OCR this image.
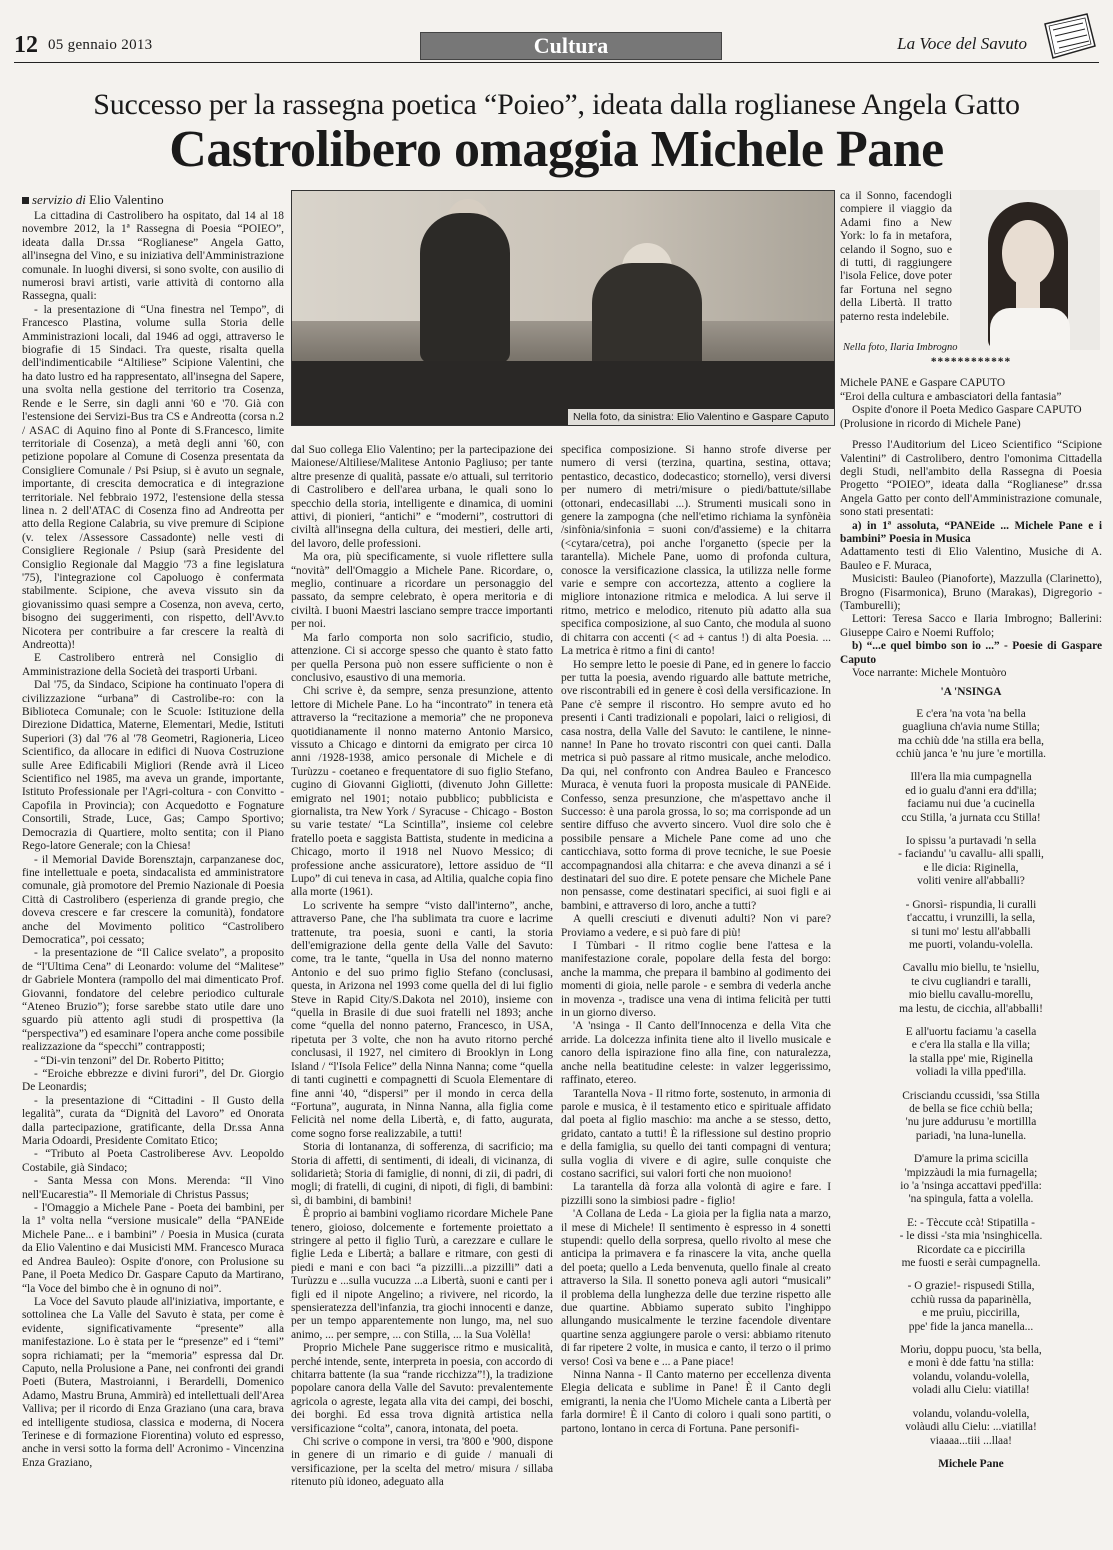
12 05 gennaio 2013	Cultura	La Voce del Savuto
Successo per la rassegna poetica “Poieo”, ideata dalla roglianese Angela Gatto
Castrolibero omaggia Michele Pane
servizio di Elio Valentino
Nella foto, da sinistra: Elio Valentino e Gaspare Caputo
Nella foto, Ilaria Imbrogno

La cittadina di Castrolibero ha ospitato, dal 14 al 18 novembre 2012, la 1ª Rassegna di Poesia “POIEO”, ideata dalla Dr.ssa “Roglianese” Angela Gatto, all'insegna del Vino, e su iniziativa dell'Amministrazione comunale. In luoghi diversi, si sono svolte, con ausilio di numerosi bravi artisti, varie attività di contorno alla Rassegna, quali:

- la presentazione di “Una finestra nel Tempo”, di Francesco Plastina, volume sulla Storia delle Amministrazioni locali, dal 1946 ad oggi, attraverso le biografie di 15 Sindaci. Tra queste, risalta quella dell'indimenticabile “Altiliese” Scipione Valentini, che ha dato lustro ed ha rappresentato, all'insegna del Sapere, una svolta nella gestione del territorio tra Cosenza, Rende e le Serre, sin dagli anni '60 e '70. Già con l'estensione dei Servizi-Bus tra CS e Andreotta (corsa n.2 / ASAC di Aquino fino al Ponte di S.Francesco, limite territoriale di Cosenza), a metà degli anni '60, con petizione popolare al Comune di Cosenza presentata da Consigliere Comunale / Psi Psiup, si è avuto un segnale, importante, di crescita democratica e di integrazione territoriale. Nel febbraio 1972, l'estensione della stessa linea n. 2 dell'ATAC di Cosenza fino ad Andreotta per atto della Regione Calabria, su vive premure di Scipione (v. telex /Assessore Cassadonte) nelle vesti di Consigliere Regionale / Psiup (sarà Presidente del Consiglio Regionale dal Maggio '73 a fine legislatura '75), l'integrazione col Capoluogo è confermata stabilmente. Scipione, che aveva vissuto sin da giovanissimo quasi sempre a Cosenza, non aveva, certo, bisogno dei suggerimenti, con rispetto, dell'Avv.to Nicotera per contribuire a far crescere la realtà di Andreotta)!

E Castrolibero entrerà nel Consiglio di Amministrazione della Società dei trasporti Urbani.

Dal '75, da Sindaco, Scipione ha continuato l'opera di civilizzazione “urbana” di Castrolibe-ro: con la Biblioteca Comunale; con le Scuole: Istituzione della Direzione Didattica, Materne, Elementari, Medie, Istituti Superiori (3) dal '76 al '78 Geometri, Ragioneria, Liceo Scientifico, da allocare in edifici di Nuova Costruzione sulle Aree Edificabili Migliori (Rende avrà il Liceo Scientifico nel 1985, ma aveva un grande, importante, Istituto Professionale per l'Agri-coltura - con Convitto - Capofila in Provincia); con Acquedotto e Fognature Consortili, Strade, Luce, Gas; Campo Sportivo; Democrazia di Quartiere, molto sentita; con il Piano Rego-latore Generale; con la Chiesa!

- il Memorial Davide Borensztajn, carpanzanese doc, fine intellettuale e poeta, sindacalista ed amministratore comunale, già promotore del Premio Nazionale di Poesia Città di Castrolibero (esperienza di grande pregio, che doveva crescere e far crescere la comunità), fondatore anche del Movimento politico “Castrolibero Democratica”, poi cessato;

- la presentazione de “Il Calice svelato”, a proposito de “l'Ultima Cena” di Leonardo: volume del “Malitese” dr Gabriele Montera (rampollo del mai dimenticato Prof. Giovanni, fondatore del celebre periodico culturale “Ateneo Bruzio”); forse sarebbe stato utile dare uno sguardo più attento agli studi di prospettiva (la “perspectiva”) ed esaminare l'opera anche come possibile realizzazione da “specchi” contrapposti;

- “Di-vin tenzoni” del Dr. Roberto Pititto;

- “Eroiche ebbrezze e divini furori”, del Dr. Giorgio De Leonardis;

- la presentazione di “Cittadini - Il Gusto della legalità”, curata da “Dignità del Lavoro” ed Onorata dalla partecipazione, gratificante, della Dr.ssa Anna Maria Odoardi, Presidente Comitato Etico;

- “Tributo al Poeta Castroliberese Avv. Leopoldo Costabile, già Sindaco;

- Santa Messa con Mons. Merenda: “Il Vino nell'Eucarestia”- Il Memoriale di Christus Passus;

- l'Omaggio a Michele Pane - Poeta dei bambini, per la 1ª volta nella “versione musicale” della “PANEide Michele Pane... e i bambini” / Poesia in Musica (curata da Elio Valentino e dai Musicisti MM. Francesco Muraca ed Andrea Bauleo): Ospite d'onore, con Prolusione su Pane, il Poeta Medico Dr. Gaspare Caputo da Martirano, “la Voce del bimbo che è in ognuno di noi”.

La Voce del Savuto plaude all'iniziativa, importante, e sottolinea che La Valle del Savuto è stata, per come è evidente, significativamente “presente” alla manifestazione. Lo è stata per le “presenze” ed i “temi” sopra richiamati; per la “memoria” espressa dal Dr. Caputo, nella Prolusione a Pane, nei confronti dei grandi Poeti (Butera, Mastroianni, i Berardelli, Domenico Adamo, Mastru Bruna, Ammirà) ed intellettuali dell'Area Valliva; per il ricordo di Enza Graziano (una cara, brava ed intelligente studiosa, classica e moderna, di Nocera Terinese e di formazione Fiorentina) voluto ed espresso, anche in versi sotto la forma dell' Acronimo - Vincenzina Enza Graziano,

dal Suo collega Elio Valentino; per la partecipazione dei Maionese/Altiliese/Malitese Antonio Pagliuso; per tante altre presenze di qualità, passate e/o attuali, sul territorio di Castrolibero e dell'area urbana, le quali sono lo specchio della storia, intelligente e dinamica, di uomini attivi, di pionieri, “antichi” e “moderni”, costruttori di civiltà all'insegna della cultura, dei mestieri, delle arti, del lavoro, delle professioni.

Ma ora, più specificamente, si vuole riflettere sulla “novità” dell'Omaggio a Michele Pane. Ricordare, o, meglio, continuare a ricordare un personaggio del passato, da sempre celebrato, è opera meritoria e di civiltà. I buoni Maestri lasciano sempre tracce importanti per noi.

Ma farlo comporta non solo sacrificio, studio, attenzione. Ci si accorge spesso che quanto è stato fatto per quella Persona può non essere sufficiente o non è conclusivo, esaustivo di una memoria.

Chi scrive è, da sempre, senza presunzione, attento lettore di Michele Pane. Lo ha “incontrato” in tenera età attraverso la “recitazione a memoria” che ne proponeva quotidianamente il nonno materno Antonio Marsico, vissuto a Chicago e dintorni da emigrato per circa 10 anni /1928-1938, amico personale di Michele e di Turùzzu - coetaneo e frequentatore di suo figlio Stefano, cugino di Giovanni Gigliotti, (divenuto John Gillette: emigrato nel 1901; notaio pubblico; pubblicista e giornalista, tra New York / Syracuse - Chicago - Boston su varie testate/ “La Scintilla”, insieme col celebre fratello poeta e saggista Battista, studente in medicina a Chicago, morto il 1918 nel Nuovo Messico; di professione anche assicuratore), lettore assiduo de “Il Lupo” di cui teneva in casa, ad Altilia, qualche copia fino alla morte (1961).

Lo scrivente ha sempre “visto dall'interno”, anche, attraverso Pane, che l'ha sublimata tra cuore e lacrime trattenute, tra poesia, suoni e canti, la storia dell'emigrazione della gente della Valle del Savuto: come, tra le tante, “quella in Usa del nonno materno Antonio e del suo primo figlio Stefano (conclusasi, questa, in Arizona nel 1993 come quella del di lui figlio Steve in Rapid City/S.Dakota nel 2010), insieme con “quella in Brasile di due suoi fratelli nel 1893; anche come “quella del nonno paterno, Francesco, in USA, ripetuta per 3 volte, che non ha avuto ritorno perché conclusasi, il 1927, nel cimitero di Brooklyn in Long Island / “l'Isola Felice” della Ninna Nanna; come “quella di tanti cuginetti e compagnetti di Scuola Elementare di fine anni '40, “dispersi” per il mondo in cerca della “Fortuna”, augurata, in Ninna Nanna, alla figlia come Felicità nel nome della Libertà, e, di fatto, augurata, come sogno forse realizzabile, a tutti!

Storia di lontananza, di sofferenza, di sacrificio; ma Storia di affetti, di sentimenti, di ideali, di vicinanza, di solidarietà; Storia di famiglie, di nonni, di zii, di padri, di mogli; di fratelli, di cugini, di nipoti, di figli, di bambini: sì, di bambini, di bambini!

È proprio ai bambini vogliamo ricordare Michele Pane tenero, gioioso, dolcemente e fortemente proiettato a stringere al petto il figlio Turù, a carezzare e cullare le figlie Leda e Libertà; a ballare e ritmare, con gesti di piedi e mani e con baci “a pizzilli...a pizzilli” dati a Turùzzu e ...sulla vucuzza ...a Libertà, suoni e canti per i figli ed il nipote Angelino; a rivivere, nel ricordo, la spensieratezza dell'infanzia, tra giochi innocenti e danze, per un tempo apparentemente non lungo, ma, nel suo animo, ... per sempre, ... con Stilla, ... la Sua Volèlla!

Proprio Michele Pane suggerisce ritmo e musicalità, perché intende, sente, interpreta in poesia, con accordo di chitarra battente (la sua “rande ricchizza”!), la tradizione popolare canora della Valle del Savuto: prevalentemente agricola o agreste, legata alla vita dei campi, dei boschi, dei borghi. Ed essa trova dignità artistica nella versificazione “colta”, canora, intonata, del poeta.

Chi scrive o compone in versi, tra '800 e '900, dispone in genere di un rimario e di guide / manuali di versificazione, per la scelta del metro/ misura / sillaba ritenuto più idoneo, adeguato alla

specifica composizione. Si hanno strofe diverse per numero di versi (terzina, quartina, sestina, ottava; pentastico, decastico, dodecastico; stornello), versi diversi per numero di metri/misure o piedi/battute/sillabe (ottonari, endecasillabi ...). Strumenti musicali sono in genere la zampogna (che nell'etimo richiama la synfònèia /sinfònia/sinfonia = suoni con/d'assieme) e la chitarra (<cytara/cetra), poi anche l'organetto (specie per la tarantella). Michele Pane, uomo di profonda cultura, conosce la versificazione classica, la utilizza nelle forme varie e sempre con accortezza, attento a cogliere la migliore intonazione ritmica e melodica. A lui serve il ritmo, metrico e melodico, ritenuto più adatto alla sua specifica composizione, al suo Canto, che modula al suono di chitarra con accenti (< ad + cantus !) di alta Poesia. ... La metrica è ritmo a fini di canto!

Ho sempre letto le poesie di Pane, ed in genere lo faccio per tutta la poesia, avendo riguardo alle battute metriche, ove riscontrabili ed in genere è così della versificazione. In Pane c'è sempre il riscontro. Ho sempre avuto ed ho presenti i Canti tradizionali e popolari, laici o religiosi, di casa nostra, della Valle del Savuto: le cantilene, le ninne-nanne! In Pane ho trovato riscontri con quei canti. Dalla metrica si può passare al ritmo musicale, anche melodico. Da qui, nel confronto con Andrea Bauleo e Francesco Muraca, è venuta fuori la proposta musicale di PANEide. Confesso, senza presunzione, che m'aspettavo anche il Successo: è una parola grossa, lo so; ma corrisponde ad un sentire diffuso che avverto sincero. Vuol dire solo che è possibile pensare a Michele Pane come ad uno che canticchiava, sotto forma di prove tecniche, le sue Poesie accompagnandosi alla chitarra: e che aveva dinanzi a sé i destinatari del suo dire. E potete pensare che Michele Pane non pensasse, come destinatari specifici, ai suoi figli e ai bambini, e attraverso di loro, anche a tutti?

A quelli cresciuti e divenuti adulti? Non vi pare? Proviamo a vedere, e si può fare di più!

I Tùmbari - Il ritmo coglie bene l'attesa e la manifestazione corale, popolare della festa del borgo: anche la mamma, che prepara il bambino al godimento dei momenti di gioia, nelle parole - e sembra di vederla anche in movenza -, tradisce una vena di intima felicità per tutti in un giorno diverso.

'A 'nsinga - Il Canto dell'Innocenza e della Vita che arride. La dolcezza infinita tiene alto il livello musicale e canoro della ispirazione fino alla fine, con naturalezza, anche nella beatitudine celeste: in valzer leggerissimo, raffinato, etereo.

Tarantella Nova - Il ritmo forte, sostenuto, in armonia di parole e musica, è il testamento etico e spirituale affidato dal poeta al figlio maschio: ma anche a se stesso, detto, gridato, cantato a tutti! È la riflessione sul destino proprio e della famiglia, su quello dei tanti compagni di ventura; sulla voglia di vivere e di agire, sulle conquiste che costano sacrifici, sui valori forti che non muoiono!

La tarantella dà forza alla volontà di agire e fare. I pizzilli sono la simbiosi padre - figlio!

'A Collana de Leda - La gioia per la figlia nata a marzo, il mese di Michele! Il sentimento è espresso in 4 sonetti stupendi: quello della sorpresa, quello rivolto al mese che anticipa la primavera e fa rinascere la vita, anche quella del poeta; quello a Leda benvenuta, quello finale al creato attraverso la Sila. Il sonetto poneva agli autori “musicali” il problema della lunghezza delle due terzine rispetto alle due quartine. Abbiamo superato subito l'inghippo allungando musicalmente le terzine facendole diventare quartine senza aggiungere parole o versi: abbiamo ritenuto di far ripetere 2 volte, in musica e canto, il terzo o il primo verso! Così va bene e ... a Pane piace!

Ninna Nanna - Il Canto materno per eccellenza diventa Elegia delicata e sublime in Pane! È il Canto degli emigranti, la nenia che l'Uomo Michele canta a Libertà per farla dormire! È il Canto di coloro i quali sono partiti, o partono, lontano in cerca di Fortuna. Pane personifi-

ca il Sonno, facendogli compiere il viaggio da Adami fino a New York: lo fa in metafora, celando il Sogno, suo e di tutti, di raggiungere l'isola Felice, dove poter far Fortuna nel segno della Libertà. Il tratto paterno resta indelebile.
************

Michele PANE e Gaspare CAPUTO

“Eroi della cultura e ambasciatori della fantasia”

Ospite d'onore il Poeta Medico Gaspare CAPUTO

(Prolusione in ricordo di Michele Pane)

Presso l'Auditorium del Liceo Scientifico “Scipione Valentini” di Castrolibero, dentro l'omonima Cittadella degli Studi, nell'ambito della Rassegna di Poesia Progetto “POIEO”, ideata dalla “Roglianese” dr.ssa Angela Gatto per conto dell'Amministrazione comunale, sono stati presentati:

a) in 1ª assoluta, “PANEide ... Michele Pane e i bambini” Poesia in Musica

Adattamento testi di Elio Valentino, Musiche di A. Bauleo e F. Muraca,

Musicisti: Bauleo (Pianoforte), Mazzulla (Clarinetto), Brogno (Fisarmonica), Bruno (Marakas), Digregorio - (Tamburelli);

Lettori: Teresa Sacco e Ilaria Imbrogno; Ballerini: Giuseppe Cairo e Noemi Ruffolo;

b) “...e quel bimbo son io ...” - Poesie di Gaspare Caputo

Voce narrante: Michele Montuòro

'A 'NSINGA
E c'era 'na vota 'na bella
guagliuna ch'avia nume Stilla;
ma cchiù dde 'na stilla era bella,
cchiù janca 'e 'nu jure 'e mortilla.
Ill'era lla mia cumpagnella
ed io gualu d'anni era dd'illa;
faciamu nui due 'a cucinella
ccu Stilla, 'a jurnata ccu Stilla!
Io spissu 'a purtavadi 'n sella
- faciandu' 'u cavallu- alli spalli,
e lle dicia: Riginella,
voliti venire all'abballi?
- Gnorsì- rispundia, li curalli
t'accattu, i vrunzilli, la sella,
si tuni mo' lestu all'abballi
me puorti, volandu-volella.
Cavallu mio biellu, te 'nsiellu,
te civu cugliandri e taralli,
mio biellu cavallu-morellu,
ma lestu, de cicchia, all'abballi!
E all'uortu faciamu 'a casella
e c'era lla stalla e lla villa;
la stalla ppe' mie, Riginella
voliadi la villa pped'illa.
Crisciandu ccussidi, 'ssa Stilla
de bella se fice cchiù bella;
'nu jure addurusu 'e mortillla
pariadi, 'na luna-lunella.
D'amure la prima scicilla
'mpizzàudi la mia furnagella;
io 'a 'nsinga accattavi pped'illa:
'na spingula, fatta a volella.
E: - Tèccute ccà! Stipatilla -
- le dissi -'sta mia 'nsinghicella.
Ricordate ca e piccirilla
me fuosti e serài cumpagnella.
- O grazie!- rispusedi Stilla,
cchiù russa da paparinèlla,
e me pruìu, piccirilla,
ppe' fide la janca manella...
Morìu, doppu puocu, 'sta bella,
e monì è dde fattu 'na stilla:
volandu, volandu-volella,
voladi allu Cielu: viatilla!
volandu, volandu-volella,
volàudi allu Cielu: ...viatilla!
viaaaa...tiii ...llaa!
Michele Pane
